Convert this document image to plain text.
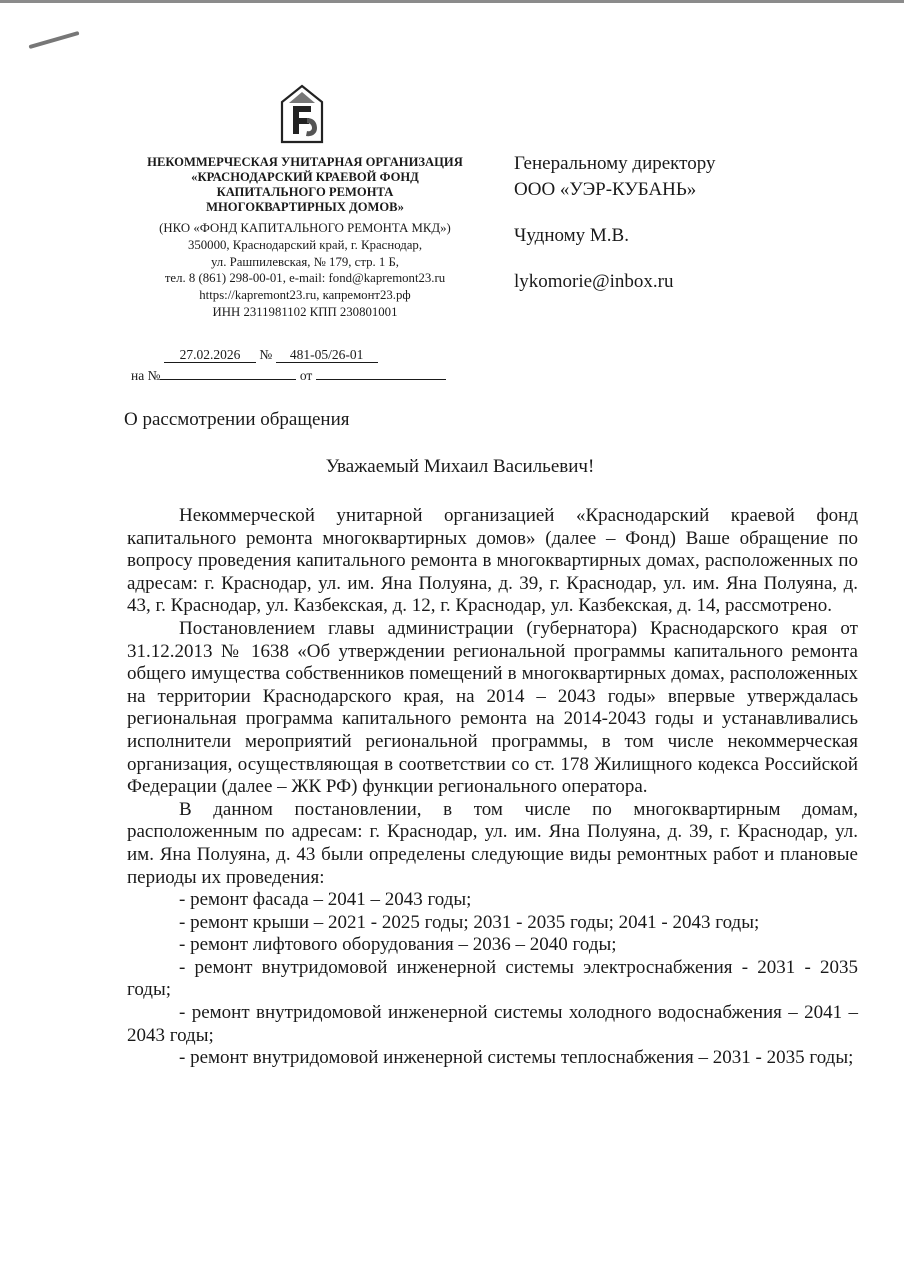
НЕКОММЕРЧЕСКАЯ УНИТАРНАЯ ОРГАНИЗАЦИЯ
«КРАСНОДАРСКИЙ КРАЕВОЙ ФОНД
КАПИТАЛЬНОГО РЕМОНТА
МНОГОКВАРТИРНЫХ ДОМОВ»
(НКО «ФОНД КАПИТАЛЬНОГО РЕМОНТА МКД»)
350000, Краснодарский край, г. Краснодар,
ул. Рашпилевская, № 179, стр. 1 Б,
тел. 8 (861) 298-00-01, e-mail: fond@kapremont23.ru
https://kapremont23.ru, капремонт23.рф
ИНН 2311981102 КПП 230801001
27.02.2026 № 481-05/26-01
на №	от
Генеральному директору
ООО «УЭР-КУБАНЬ»
Чудному М.В.
lykomorie@inbox.ru
О рассмотрении обращения
Уважаемый Михаил Васильевич!

Некоммерческой унитарной организацией «Краснодарский краевой фонд капитального ремонта многоквартирных домов» (далее – Фонд) Ваше обращение по вопросу проведения капитального ремонта в многоквартирных домах, расположенных по адресам: г. Краснодар, ул. им. Яна Полуяна, д. 39, г. Краснодар, ул. им. Яна Полуяна, д. 43, г. Краснодар, ул. Казбекская, д. 12, г. Краснодар, ул. Казбекская, д. 14, рассмотрено.

Постановлением главы администрации (губернатора) Краснодарского края от 31.12.2013 № 1638 «Об утверждении региональной программы капитального ремонта общего имущества собственников помещений в многоквартирных домах, расположенных на территории Краснодарского края, на 2014 – 2043 годы» впервые утверждалась региональная программа капитального ремонта на 2014-2043 годы и устанавливались исполнители мероприятий региональной программы, в том числе некоммерческая организация, осуществляющая в соответствии со ст. 178 Жилищного кодекса Российской Федерации (далее – ЖК РФ) функции регионального оператора.

В данном постановлении, в том числе по многоквартирным домам, расположенным по адресам: г. Краснодар, ул. им. Яна Полуяна, д. 39, г. Краснодар, ул. им. Яна Полуяна, д. 43 были определены следующие виды ремонтных работ и плановые периоды их проведения:

- ремонт фасада – 2041 – 2043 годы;

- ремонт крыши – 2021 - 2025 годы; 2031 - 2035 годы; 2041 - 2043 годы;

- ремонт лифтового оборудования – 2036 – 2040 годы;

- ремонт внутридомовой инженерной системы электроснабжения - 2031 - 2035 годы;

- ремонт внутридомовой инженерной системы холодного водоснабжения – 2041 – 2043 годы;

- ремонт внутридомовой инженерной системы теплоснабжения – 2031 - 2035 годы;
